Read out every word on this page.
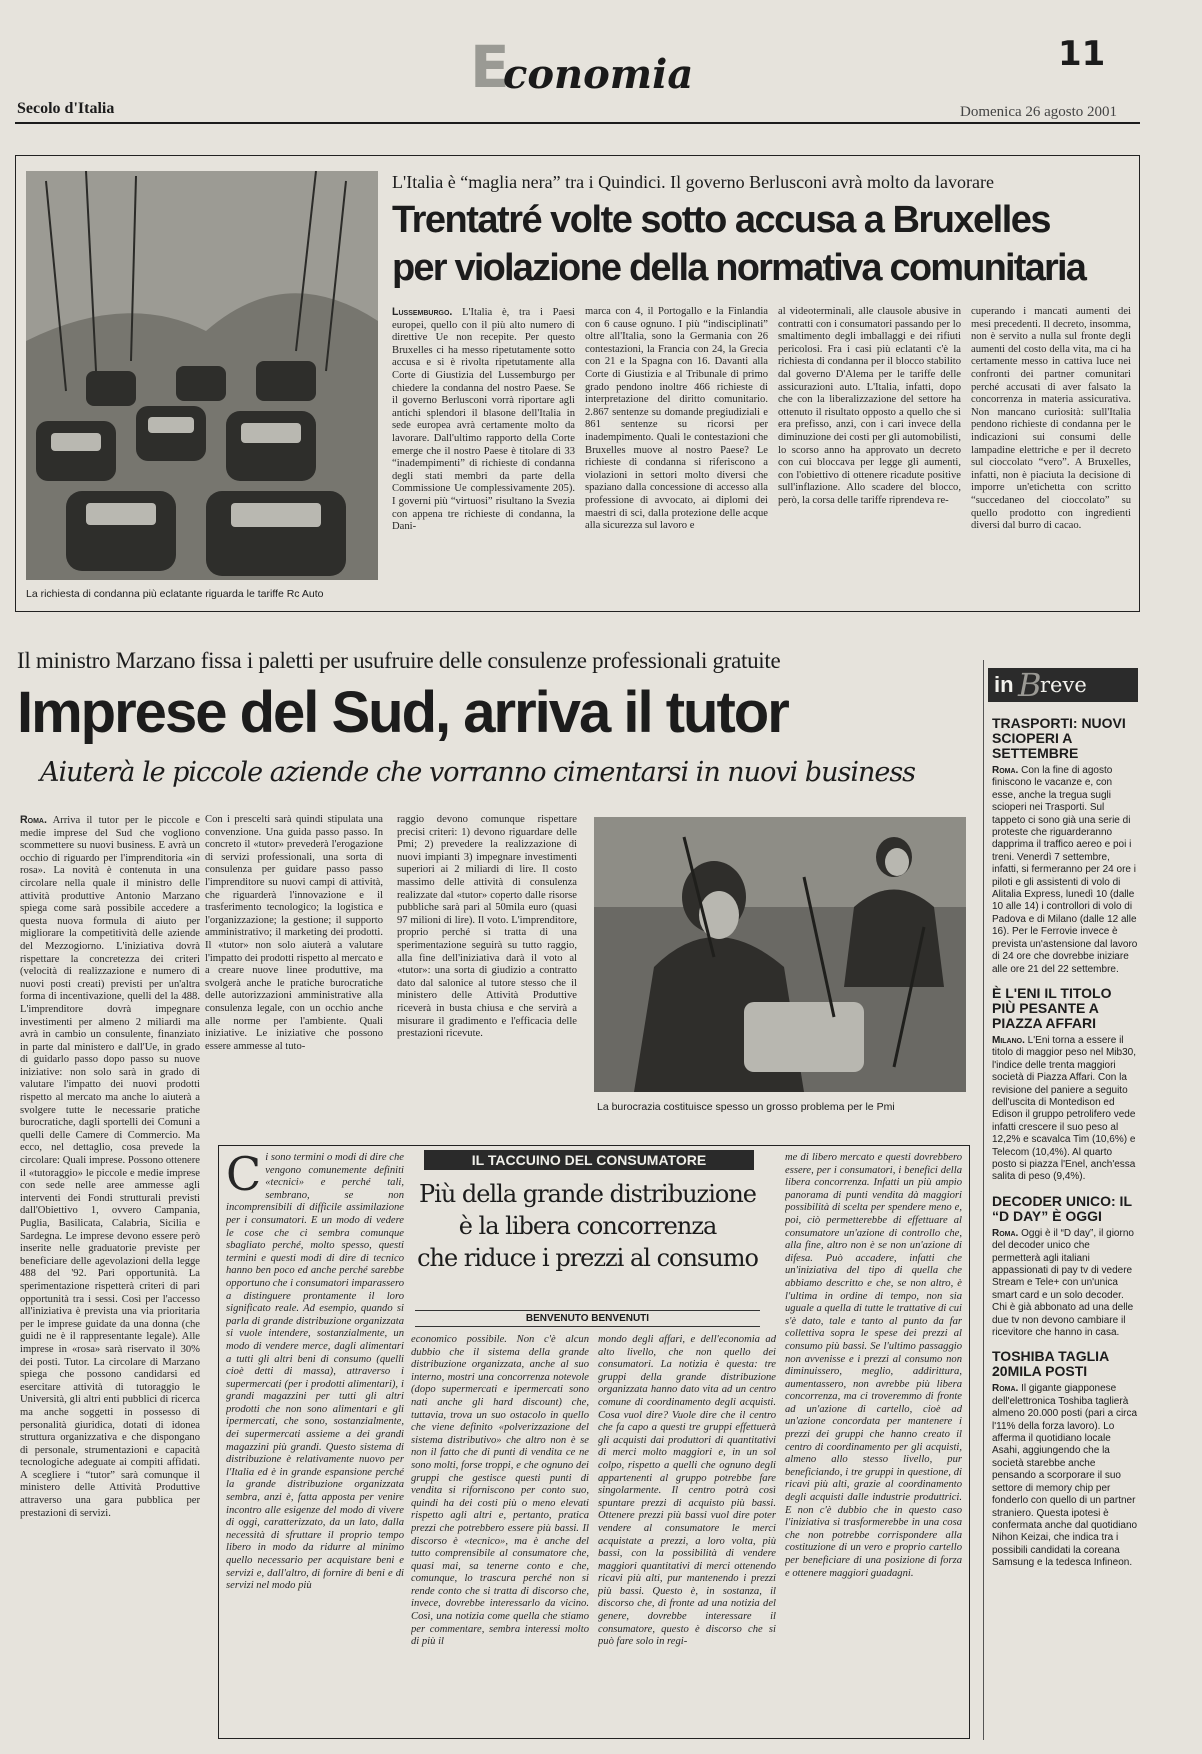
E
conomia	11
Secolo d'Italia	Domenica 26 agosto 2001
La richiesta di condanna più eclatante riguarda le tariffe Rc Auto
L'Italia è “maglia nera” tra i Quindici. Il governo Berlusconi avrà molto da lavorare
Trentatré volte sotto accusa a Bruxelles
per violazione della normativa comunitaria

Lussemburgo. L'Italia è, tra i Paesi europei, quello con il più alto numero di direttive Ue non recepite. Per questo Bruxelles ci ha messo ripetutamente sotto accusa e si è rivolta ripetutamente alla Corte di Giustizia del Lussemburgo per chiedere la condanna del nostro Paese. Se il governo Berlusconi vorrà riportare agli antichi splendori il blasone dell'Italia in sede europea avrà certamente molto da lavorare. Dall'ultimo rapporto della Corte emerge che il nostro Paese è titolare di 33 “inadempimenti” di richieste di condanna degli stati membri da parte della Commissione Ue complessivamente 205). I governi più “virtuosi” risultano la Svezia con appena tre richieste di condanna, la Dani-

marca con 4, il Portogallo e la Finlandia con 6 cause ognuno. I più “indisciplinati” oltre all'Italia, sono la Germania con 26 contestazioni, la Francia con 24, la Grecia con 21 e la Spagna con 16. Davanti alla Corte di Giustizia e al Tribunale di primo grado pendono inoltre 466 richieste di interpretazione del diritto comunitario. 2.867 sentenze su domande pregiudiziali e 861 sentenze su ricorsi per inadempimento. Quali le contestazioni che Bruxelles muove al nostro Paese? Le richieste di condanna si riferiscono a violazioni in settori molto diversi che spaziano dalla concessione di accesso alla professione di avvocato, ai diplomi dei maestri di sci, dalla protezione delle acque alla sicurezza sul lavoro e

al videoterminali, alle clausole abusive in contratti con i consumatori passando per lo smaltimento degli imballaggi e dei rifiuti pericolosi. Fra i casi più eclatanti c'è la richiesta di condanna per il blocco stabilito dal governo D'Alema per le tariffe delle assicurazioni auto. L'Italia, infatti, dopo che con la liberalizzazione del settore ha ottenuto il risultato opposto a quello che si era prefisso, anzi, con i cari invece della diminuzione dei costi per gli automobilisti, lo scorso anno ha approvato un decreto con cui bloccava per legge gli aumenti, con l'obiettivo di ottenere ricadute positive sull'inflazione. Allo scadere del blocco, però, la corsa delle tariffe riprendeva re-

cuperando i mancati aumenti dei mesi precedenti. Il decreto, insomma, non è servito a nulla sul fronte degli aumenti del costo della vita, ma ci ha certamente messo in cattiva luce nei confronti dei partner comunitari perché accusati di aver falsato la concorrenza in materia assicurativa. Non mancano curiosità: sull'Italia pendono richieste di condanna per le indicazioni sui consumi delle lampadine elettriche e per il decreto sul cioccolato “vero”. A Bruxelles, infatti, non è piaciuta la decisione di imporre un'etichetta con scritto “succedaneo del cioccolato” su quello prodotto con ingredienti diversi dal burro di cacao.

Il ministro Marzano fissa i paletti per usufruire delle consulenze professionali gratuite
Imprese del Sud, arriva il tutor
Aiuterà le piccole aziende che vorranno cimentarsi in nuovi business

Roma. Arriva il tutor per le piccole e medie imprese del Sud che vogliono scommettere su nuovi business. E avrà un occhio di riguardo per l'imprenditoria «in rosa». La novità è contenuta in una circolare nella quale il ministro delle attività produttive Antonio Marzano spiega come sarà possibile accedere a questa nuova formula di aiuto per migliorare la competitività delle aziende del Mezzogiorno. L'iniziativa dovrà rispettare la concretezza dei criteri (velocità di realizzazione e numero di nuovi posti creati) previsti per un'altra forma di incentivazione, quelli del la 488. L'imprenditore dovrà impegnare investimenti per almeno 2 miliardi ma avrà in cambio un consulente, finanziato in parte dal ministero e dall'Ue, in grado di guidarlo passo dopo passo su nuove iniziative: non solo sarà in grado di valutare l'impatto dei nuovi prodotti rispetto al mercato ma anche lo aiuterà a svolgere tutte le necessarie pratiche burocratiche, dagli sportelli dei Comuni a quelli delle Camere di Commercio. Ma ecco, nel dettaglio, cosa prevede la circolare: Quali imprese. Possono ottenere il «tutoraggio» le piccole e medie imprese con sede nelle aree ammesse agli interventi dei Fondi strutturali previsti dall'Obiettivo 1, ovvero Campania, Puglia, Basilicata, Calabria, Sicilia e Sardegna. Le imprese devono essere però inserite nelle graduatorie previste per beneficiare delle agevolazioni della legge 488 del '92. Pari opportunità. La sperimentazione rispetterà criteri di pari opportunità tra i sessi. Così per l'accesso all'iniziativa è prevista una via prioritaria per le imprese guidate da una donna (che guidi ne è il rappresentante legale). Alle imprese in «rosa» sarà riservato il 30% dei posti. Tutor. La circolare di Marzano spiega che possono candidarsi ed esercitare attività di tutoraggio le Università, gli altri enti pubblici di ricerca ma anche soggetti in possesso di personalità giuridica, dotati di idonea struttura organizzativa e che dispongano di personale, strumentazioni e capacità tecnologiche adeguate ai compiti affidati. A scegliere i “tutor” sarà comunque il ministero delle Attività Produttive attraverso una gara pubblica per prestazioni di servizi.

Con i prescelti sarà quindi stipulata una convenzione. Una guida passo passo. In concreto il «tutor» prevederà l'erogazione di servizi professionali, una sorta di consulenza per guidare passo passo l'imprenditore su nuovi campi di attività, che riguarderà l'innovazione e il trasferimento tecnologico; la logistica e l'organizzazione; la gestione; il supporto amministrativo; il marketing dei prodotti. Il «tutor» non solo aiuterà a valutare l'impatto dei prodotti rispetto al mercato e a creare nuove linee produttive, ma svolgerà anche le pratiche burocratiche delle autorizzazioni amministrative alla consulenza legale, con un occhio anche alle norme per l'ambiente. Quali iniziative. Le iniziative che possono essere ammesse al tuto-

raggio devono comunque rispettare precisi criteri: 1) devono riguardare delle Pmi; 2) prevedere la realizzazione di nuovi impianti 3) impegnare investimenti superiori ai 2 miliardi di lire. Il costo massimo delle attività di consulenza realizzate dal «tutor» coperto dalle risorse pubbliche sarà pari al 50mila euro (quasi 97 milioni di lire). Il voto. L'imprenditore, proprio perché si tratta di una sperimentazione seguirà su tutto raggio, alla fine dell'iniziativa darà il voto al «tutor»: una sorta di giudizio a contratto dato dal salonice al tutore stesso che il ministero delle Attività Produttive riceverà in busta chiusa e che servirà a misurare il gradimento e l'efficacia delle prestazioni ricevute.

La burocrazia costituisce spesso un grosso problema per le Pmi
IL TACCUINO DEL CONSUMATORE
Più della grande distribuzione
è la libera concorrenza
che riduce i prezzi al consumo
BENVENUTO BENVENUTI
C i sono termini o modi di dire che vengono comunemente definiti «tecnici» e perché tali, sembrano, se non incomprensibili di difficile assimilazione per i consumatori. E un modo di vedere le cose che ci sembra comunque sbagliato perché, molto spesso, questi termini e questi modi di dire di tecnico hanno ben poco ed anche perché sarebbe opportuno che i consumatori imparassero a distinguere prontamente il loro significato reale. Ad esempio, quando si parla di grande distribuzione organizzata si vuole intendere, sostanzialmente, un modo di vendere merce, dagli alimentari a tutti gli altri beni di consumo (quelli cioè detti di massa), attraverso i supermercati (per i prodotti alimentari), i grandi magazzini per tutti gli altri prodotti che non sono alimentari e gli ipermercati, che sono, sostanzialmente, dei supermercati assieme a dei grandi magazzini più grandi. Questo sistema di distribuzione è relativamente nuovo per l'Italia ed è in grande espansione perché la grande distribuzione organizzata sembra, anzi è, fatta apposta per venire incontro alle esigenze del modo di vivere di oggi, caratterizzato, da un lato, dalla necessità di sfruttare il proprio tempo libero in modo da ridurre al minimo quello necessario per acquistare beni e servizi e, dall'altro, di fornire di beni e di servizi nel modo più

economico possibile. Non c'è alcun dubbio che il sistema della grande distribuzione organizzata, anche al suo interno, mostri una concorrenza notevole (dopo supermercati e ipermercati sono nati anche gli hard discount) che, tuttavia, trova un suo ostacolo in quello che viene definito «polverizzazione del sistema distributivo» che altro non è se non il fatto che di punti di vendita ce ne sono molti, forse troppi, e che ognuno dei gruppi che gestisce questi punti di vendita si riforniscono per conto suo, quindi ha dei costi più o meno elevati rispetto agli altri e, pertanto, pratica prezzi che potrebbero essere più bassi. Il discorso è «tecnico», ma è anche del tutto comprensibile al consumatore che, quasi mai, sa tenerne conto e che, comunque, lo trascura perché non si rende conto che si tratta di discorso che, invece, dovrebbe interessarlo da vicino. Così, una notizia come quella che stiamo per commentare, sembra interessi molto di più il

mondo degli affari, e dell'economia ad alto livello, che non quello dei consumatori. La notizia è questa: tre gruppi della grande distribuzione organizzata hanno dato vita ad un centro comune di coordinamento degli acquisti. Cosa vuol dire? Vuole dire che il centro che fa capo a questi tre gruppi effettuerà gli acquisti dai produttori di quantitativi di merci molto maggiori e, in un sol colpo, rispetto a quelli che ognuno degli appartenenti al gruppo potrebbe fare singolarmente. Il centro potrà così spuntare prezzi di acquisto più bassi. Ottenere prezzi più bassi vuol dire poter vendere al consumatore le merci acquistate a prezzi, a loro volta, più bassi, con la possibilità di vendere maggiori quantitativi di merci ottenendo ricavi più alti, pur mantenendo i prezzi più bassi. Questo è, in sostanza, il discorso che, di fronte ad una notizia del genere, dovrebbe interessare il consumatore, questo è discorso che si può fare solo in regi-

me di libero mercato e questi dovrebbero essere, per i consumatori, i benefici della libera concorrenza. Infatti un più ampio panorama di punti vendita dà maggiori possibilità di scelta per spendere meno e, poi, ciò permetterebbe di effettuare al consumatore un'azione di controllo che, alla fine, altro non è se non un'azione di difesa. Può accadere, infatti che un'iniziativa del tipo di quella che abbiamo descritto e che, se non altro, è l'ultima in ordine di tempo, non sia uguale a quella di tutte le trattative di cui s'è dato, tale e tanto al punto da far collettiva sopra le spese dei prezzi al consumo più bassi. Se l'ultimo passaggio non avvenisse e i prezzi al consumo non diminuissero, meglio, addirittura, aumentassero, non avrebbe più libera concorrenza, ma ci troveremmo di fronte ad un'azione di cartello, cioè ad un'azione concordata per mantenere i prezzi dei gruppi che hanno creato il centro di coordinamento per gli acquisti, almeno allo stesso livello, pur beneficiando, i tre gruppi in questione, di ricavi più alti, grazie al coordinamento degli acquisti dalle industrie produttrici. E non c'è dubbio che in questo caso l'iniziativa si trasformerebbe in una cosa che non potrebbe corrispondere alla costituzione di un vero e proprio cartello per beneficiare di una posizione di forza e ottenere maggiori guadagni.

in B
reve
TRASPORTI: NUOVI SCIOPERI A SETTEMBRE
Roma. Con la fine di agosto finiscono le vacanze e, con esse, anche la tregua sugli scioperi nei Trasporti. Sul tappeto ci sono già una serie di proteste che riguarderanno dapprima il traffico aereo e poi i treni. Venerdì 7 settembre, infatti, si fermeranno per 24 ore i piloti e gli assistenti di volo di Alitalia Express, lunedì 10 (dalle 10 alle 14) i controllori di volo di Padova e di Milano (dalle 12 alle 16). Per le Ferrovie invece è prevista un'astensione dal lavoro di 24 ore che dovrebbe iniziare alle ore 21 del 22 settembre.
È L'ENI IL TITOLO PIÙ PESANTE A PIAZZA AFFARI
Milano. L'Eni torna a essere il titolo di maggior peso nel Mib30, l'indice delle trenta maggiori società di Piazza Affari. Con la revisione del paniere a seguito dell'uscita di Montedison ed Edison il gruppo petrolifero vede infatti crescere il suo peso al 12,2% e scavalca Tim (10,6%) e Telecom (10,4%). Al quarto posto si piazza l'Enel, anch'essa salita di peso (9,4%).
DECODER UNICO: IL “D DAY” È OGGI
Roma. Oggi è il “D day”, il giorno del decoder unico che permetterà agli italiani appassionati di pay tv di vedere Stream e Tele+ con un'unica smart card e un solo decoder. Chi è già abbonato ad una delle due tv non devono cambiare il ricevitore che hanno in casa.
TOSHIBA TAGLIA 20MILA POSTI
Roma. Il gigante giapponese dell'elettronica Toshiba taglierà almeno 20.000 posti (pari a circa l'11% della forza lavoro). Lo afferma il quotidiano locale Asahi, aggiungendo che la società starebbe anche pensando a scorporare il suo settore di memory chip per fonderlo con quello di un partner straniero. Questa ipotesi è confermata anche dal quotidiano Nihon Keizai, che indica tra i possibili candidati la coreana Samsung e la tedesca Infineon.
